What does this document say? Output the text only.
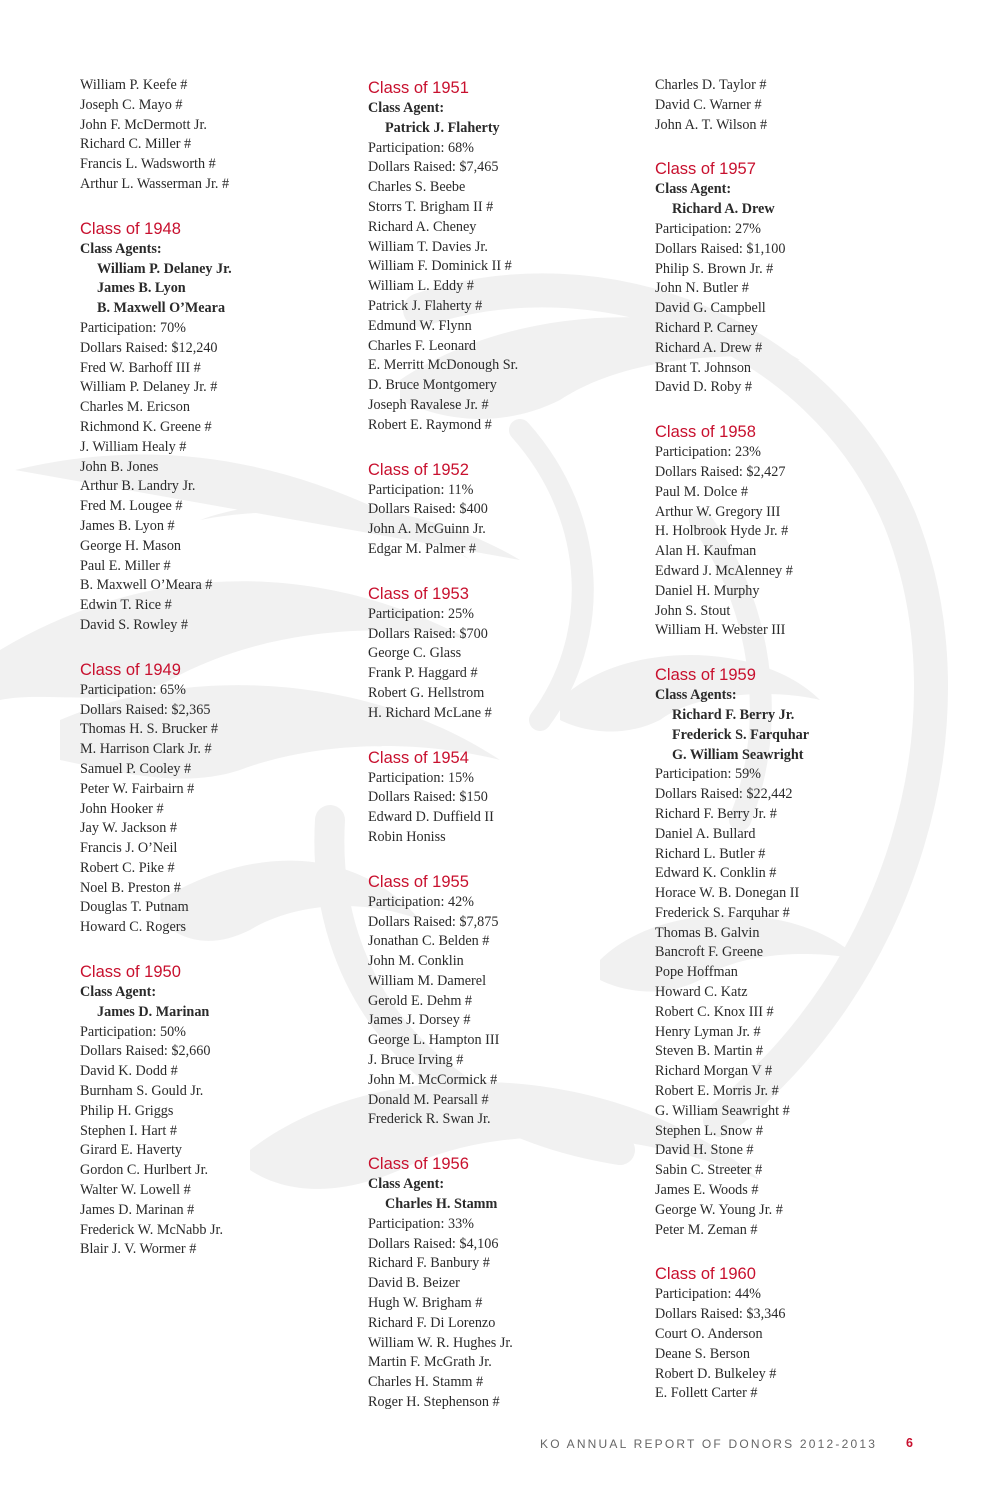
William P. Keefe #
Joseph C. Mayo #
John F. McDermott Jr.
Richard C. Miller #
Francis L. Wadsworth #
Arthur L. Wasserman Jr. #
Class of 1948
Class Agents:
William P. Delaney Jr.
James B. Lyon
B. Maxwell O’Meara
Participation: 70%
Dollars Raised: $12,240
Fred W. Barhoff III #
William P. Delaney Jr. #
Charles M. Ericson
Richmond K. Greene #
J. William Healy #
John B. Jones
Arthur B. Landry Jr.
Fred M. Lougee #
James B. Lyon #
George H. Mason
Paul E. Miller #
B. Maxwell O’Meara #
Edwin T. Rice #
David S. Rowley #
Class of 1949
Participation: 65%
Dollars Raised: $2,365
Thomas H. S. Brucker #
M. Harrison Clark Jr. #
Samuel P. Cooley #
Peter W. Fairbairn #
John Hooker #
Jay W. Jackson #
Francis J. O’Neil
Robert C. Pike #
Noel B. Preston #
Douglas T. Putnam
Howard C. Rogers
Class of 1950
Class Agent:
James D. Marinan
Participation: 50%
Dollars Raised: $2,660
David K. Dodd #
Burnham S. Gould Jr.
Philip H. Griggs
Stephen I. Hart #
Girard E. Haverty
Gordon C. Hurlbert Jr.
Walter W. Lowell #
James D. Marinan #
Frederick W. McNabb Jr.
Blair J. V. Wormer #
Class of 1951
Class Agent:
Patrick J. Flaherty
Participation: 68%
Dollars Raised: $7,465
Charles S. Beebe
Storrs T. Brigham II #
Richard A. Cheney
William T. Davies Jr.
William F. Dominick II #
William L. Eddy #
Patrick J. Flaherty #
Edmund W. Flynn
Charles F. Leonard
E. Merritt McDonough Sr.
D. Bruce Montgomery
Joseph Ravalese Jr. #
Robert E. Raymond #
Class of 1952
Participation: 11%
Dollars Raised: $400
John A. McGuinn Jr.
Edgar M. Palmer #
Class of 1953
Participation: 25%
Dollars Raised: $700
George C. Glass
Frank P. Haggard #
Robert G. Hellstrom
H. Richard McLane #
Class of 1954
Participation: 15%
Dollars Raised: $150
Edward D. Duffield II
Robin Honiss
Class of 1955
Participation: 42%
Dollars Raised: $7,875
Jonathan C. Belden #
John M. Conklin
William M. Damerel
Gerold E. Dehm #
James J. Dorsey #
George L. Hampton III
J. Bruce Irving #
John M. McCormick #
Donald M. Pearsall #
Frederick R. Swan Jr.
Class of 1956
Class Agent:
Charles H. Stamm
Participation: 33%
Dollars Raised: $4,106
Richard F. Banbury #
David B. Beizer
Hugh W. Brigham #
Richard F. Di Lorenzo
William W. R. Hughes Jr.
Martin F. McGrath Jr.
Charles H. Stamm #
Roger H. Stephenson #
Charles D. Taylor #
David C. Warner #
John A. T. Wilson #
Class of 1957
Class Agent:
Richard A. Drew
Participation: 27%
Dollars Raised: $1,100
Philip S. Brown Jr. #
John N. Butler #
David G. Campbell
Richard P. Carney
Richard A. Drew #
Brant T. Johnson
David D. Roby #
Class of 1958
Participation: 23%
Dollars Raised: $2,427
Paul M. Dolce #
Arthur W. Gregory III
H. Holbrook Hyde Jr. #
Alan H. Kaufman
Edward J. McAlenney #
Daniel H. Murphy
John S. Stout
William H. Webster III
Class of 1959
Class Agents:
Richard F. Berry Jr.
Frederick S. Farquhar
G. William Seawright
Participation: 59%
Dollars Raised: $22,442
Richard F. Berry Jr. #
Daniel A. Bullard
Richard L. Butler #
Edward K. Conklin #
Horace W. B. Donegan II
Frederick S. Farquhar #
Thomas B. Galvin
Bancroft F. Greene
Pope Hoffman
Howard C. Katz
Robert C. Knox III #
Henry Lyman Jr. #
Steven B. Martin #
Richard Morgan V #
Robert E. Morris Jr. #
G. William Seawright #
Stephen L. Snow #
David H. Stone #
Sabin C. Streeter #
James E. Woods #
George W. Young Jr. #
Peter M. Zeman #
Class of 1960
Participation: 44%
Dollars Raised: $3,346
Court O. Anderson
Deane S. Berson
Robert D. Bulkeley #
E. Follett Carter #
KO ANNUAL REPORT OF DONORS 2012-2013 6
